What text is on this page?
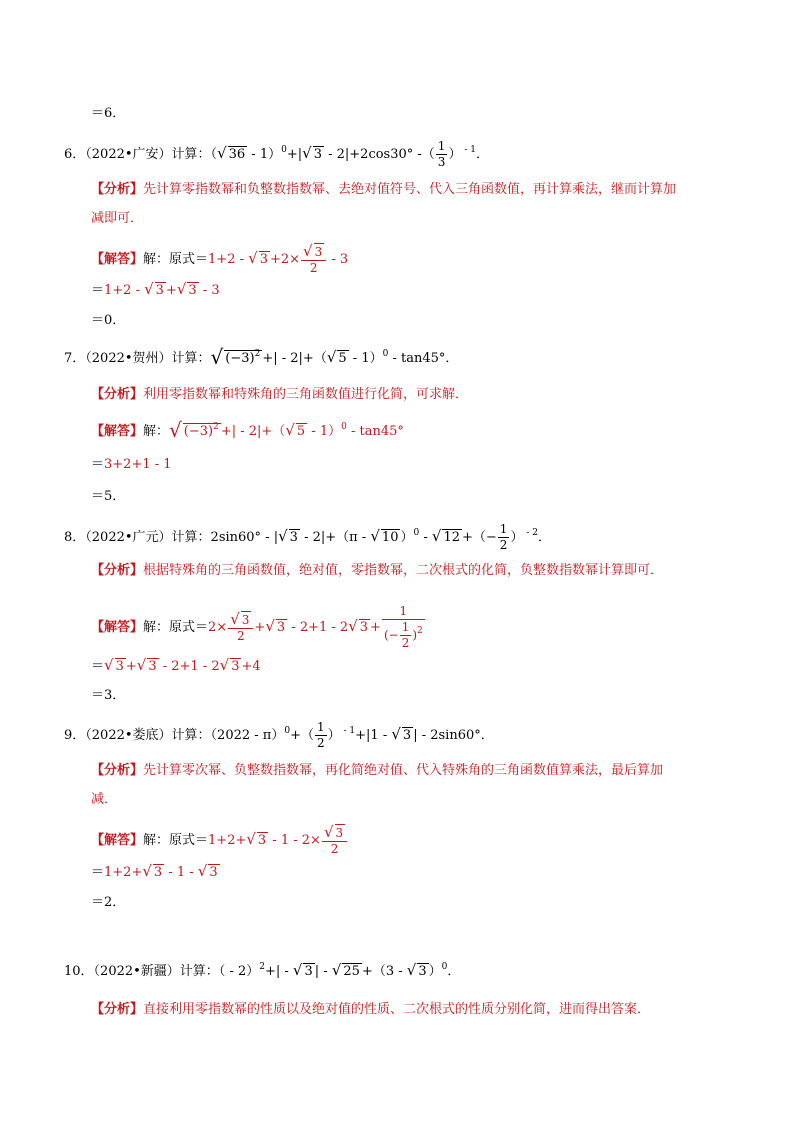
＝6．
6．（2022•广安）计算：（√ 36 - 1）$^0$+|√ 3 - 2|+2cos30° -（ $\frac{1}{3}$ ） $^{- 1}$．
【分析】先计算零指数幂和负整数指数幂、去绝对值符号、代入三角函数值，再计算乘法，继而计算加
减即可．
【解答】解：原式＝1+2 - √ $3 +2\times \frac{√ 3}{2} - 3$
＝1+2 - √ 3 +√ 3 - 3
＝0．
7．（2022•贺州）计算：√ $(-3)^2$ +| - 2|+（√ 5 - 1）$^0$ - tan45°．
【分析】利用零指数幂和特殊角的三角函数值进行化简，可求解．
【解答】解：√ $(-3)^2$ +| - 2|+（√ 5 - 1）$^0$ - tan45°
＝3+2+1 - 1
＝5．
8．（2022•广元）计算：2sin60° - |√ 3 - 2|+（π - √ 10 ）$^0$ - √ 12 +（− $\frac{1}{2}$ ） $^{- 2}$．
【分析】根据特殊角的三角函数值，绝对值，零指数幂，二次根式的化简，负整数指数幂计算即可．
【解答】解：原式$=2\times \frac{√ 3}{2}$ +√ 3 - 2+1 - 2√ $3 + \frac{1}{(- \frac{1}{2} )^2}$
＝√ 3 +√ 3 - 2+1 - 2√ 3 +4
＝3．
9．（2022•娄底）计算：$(2022 - \pi)^0+( \frac{1}{2}$ ） $^{- 1}$+|1 - √ 3 | - 2sin60°．
【分析】先计算零次幂、负整数指数幂，再化简绝对值、代入特殊角的三角函数值算乘法，最后算加
减．
【解答】解：原式＝1+2+√ $3 - 1 - 2\times \frac{√ 3}{2}$
＝1+2+√ 3 - 1 - √ 3
＝2．
10．（2022•新疆）计算：（ - 2）$^2$+| - √ 3 | - √ 25 +（3 - √ 3 ）$^0$．
【分析】直接利用零指数幂的性质以及绝对值的性质、二次根式的性质分别化简，进而得出答案．
